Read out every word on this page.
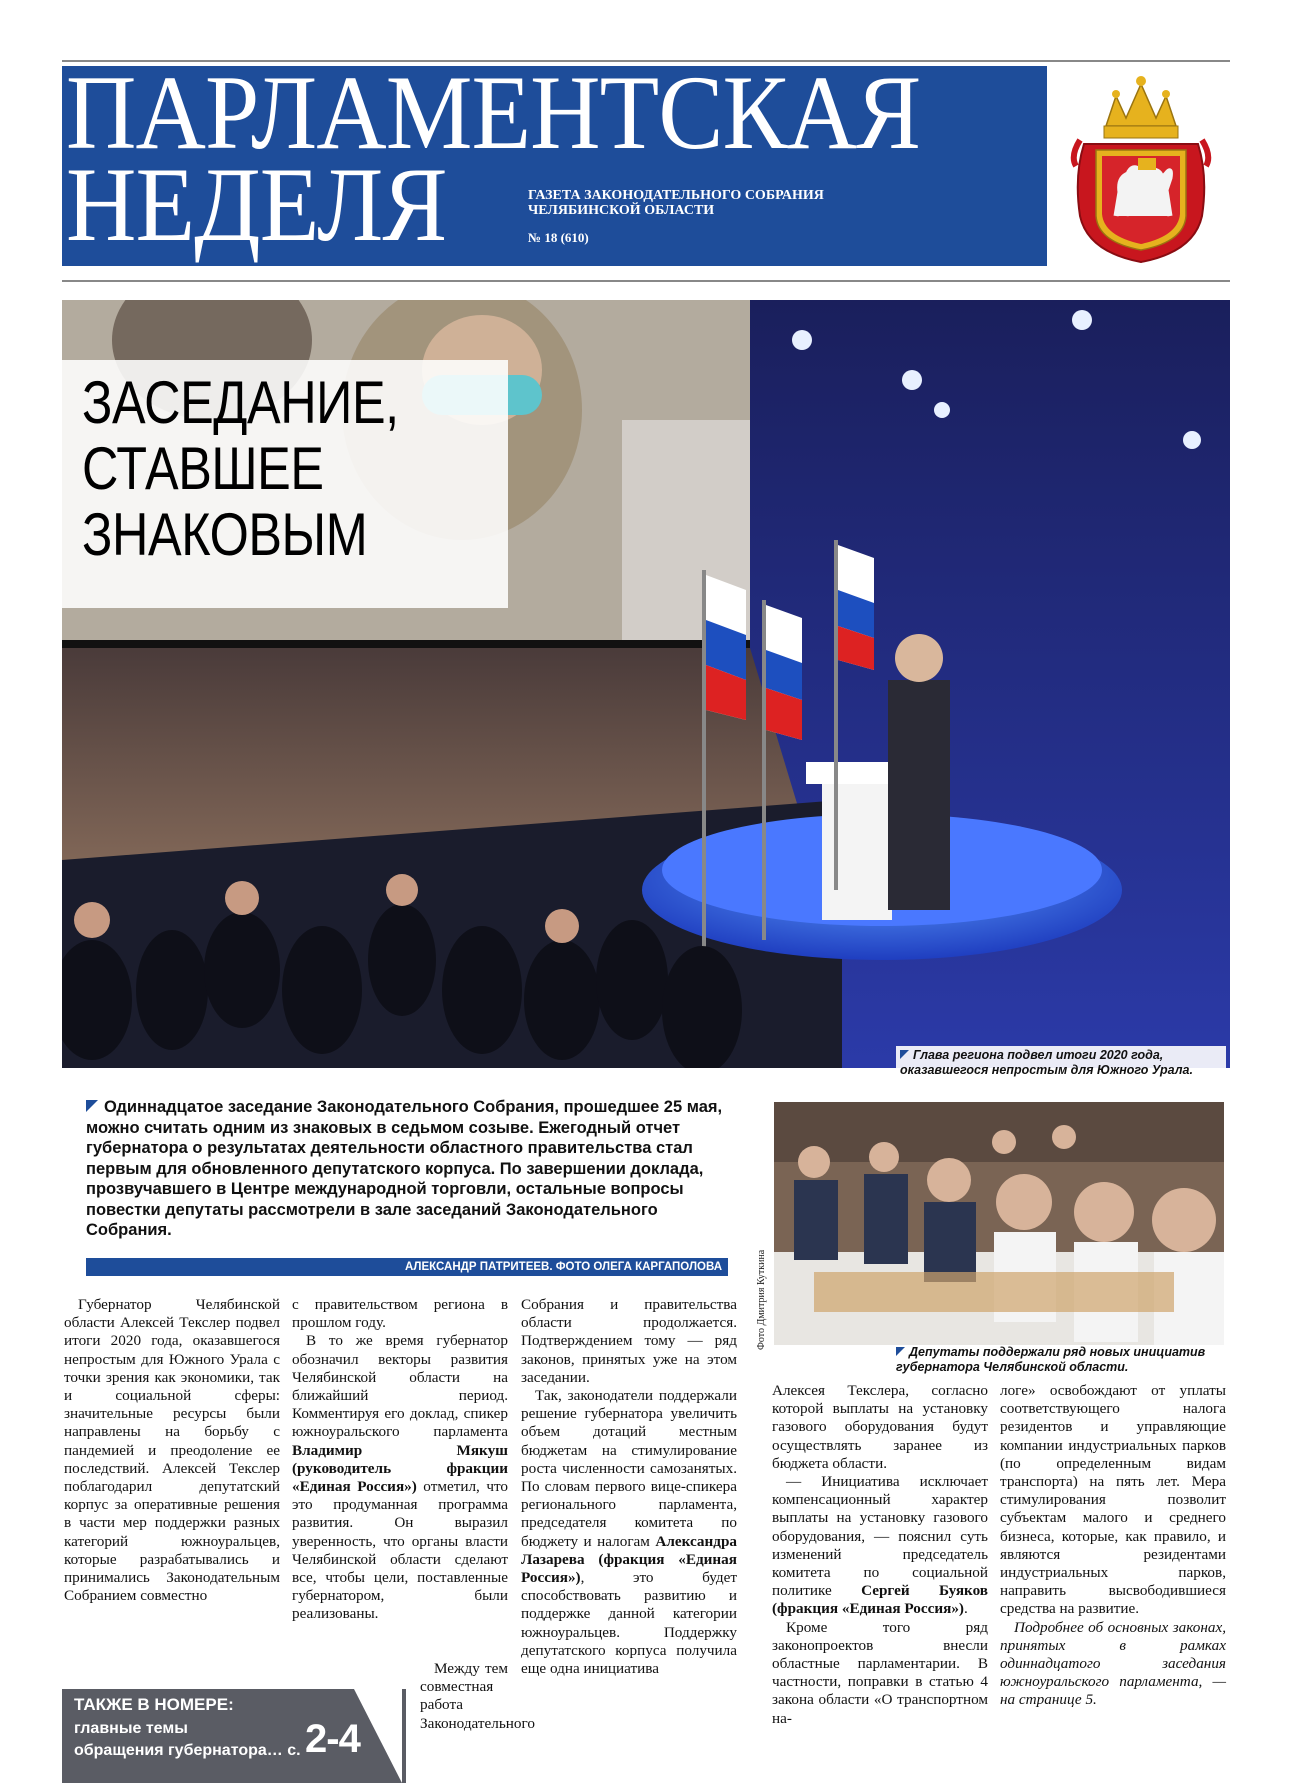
ПАРЛАМЕНТСКАЯ
НЕДЕЛЯ	ГАЗЕТА ЗАКОНОДАТЕЛЬНОГО СОБРАНИЯ
ЧЕЛЯБИНСКОЙ ОБЛАСТИ
№ 18 (610)
ЗАСЕДАНИЕ,
СТАВШЕЕ
ЗНАКОВЫМ
Глава региона подвел итоги 2020 года,
оказавшегося непростым для Южного Урала.
Одиннадцатое заседание Законодательного Собрания, прошедшее 25 мая, можно считать одним из знаковых в седьмом созыве. Ежегодный отчет губернатора о результатах деятельности областного правительства стал первым для обновленного депутатского корпуса. По завершении доклада, прозвучавшего в Центре международной торговли, остальные вопросы повестки депутаты рассмотрели в зале заседаний Законодательного Собрания.
АЛЕКСАНДР ПАТРИТЕЕВ. ФОТО ОЛЕГА КАРГАПОЛОВА	Фото Дмитрия Куткина
Депутаты поддержали ряд новых инициатив
губернатора Челябинской области.

Губернатор Челябинской области Алексей Текслер подвел итоги 2020 года, оказавшегося непростым для Южного Урала с точки зрения как экономики, так и социальной сферы: значительные ресурсы были направлены на борьбу с пандемией и преодоление ее последствий. Алексей Текслер поблагодарил депутатский корпус за оперативные решения в части мер поддержки разных категорий южноуральцев, которые разрабатывались и принимались Законодательным Собранием совместно

с правительством региона в прошлом году.

В то же время губернатор обозначил векторы развития Челябинской области на ближайший период. Комментируя его доклад, спикер южноуральского парламента Владимир Мякуш (руководитель фракции «Единая Россия») отметил, что это продуманная программа развития. Он выразил уверенность, что органы власти Челябинской области сделают все, чтобы цели, поставленные губернатором, были реализованы.

Между тем совместная работа Законодательного

Собрания и правительства области продолжается. Подтверждением тому — ряд законов, принятых уже на этом заседании.

Так, законодатели поддержали решение губернатора увеличить объем дотаций местным бюджетам на стимулирование роста численности самозанятых. По словам первого вице-спикера регионального парламента, председателя комитета по бюджету и налогам Александра Лазарева (фракция «Единая Россия»), это будет способствовать развитию и поддержке данной категории южноуральцев. Поддержку депутатского корпуса получила еще одна инициатива

Алексея Текслера, согласно которой выплаты на установку газового оборудования будут осуществлять заранее из бюджета области.

— Инициатива исключает компенсационный характер выплаты на установку газового оборудования, — пояснил суть изменений председатель комитета по социальной политике Сергей Буяков (фракция «Единая Россия»).

Кроме того ряд законопроектов внесли областные парламентарии. В частности, поправки в статью 4 закона области «О транспортном на-

логе» освобождают от уплаты соответствующего налога резидентов и управляющие компании индустриальных парков (по определенным видам транспорта) на пять лет. Мера стимулирования позволит субъектам малого и среднего бизнеса, которые, как правило, и являются резидентами индустриальных парков, направить высвободившиеся средства на развитие.

Подробнее об основных законах, принятых в рамках одиннадцатого заседания южноуральского парламента, — на странице 5.

ТАКЖЕ В НОМЕРЕ:
главные темы
обращения губернатора… с. 2-4
